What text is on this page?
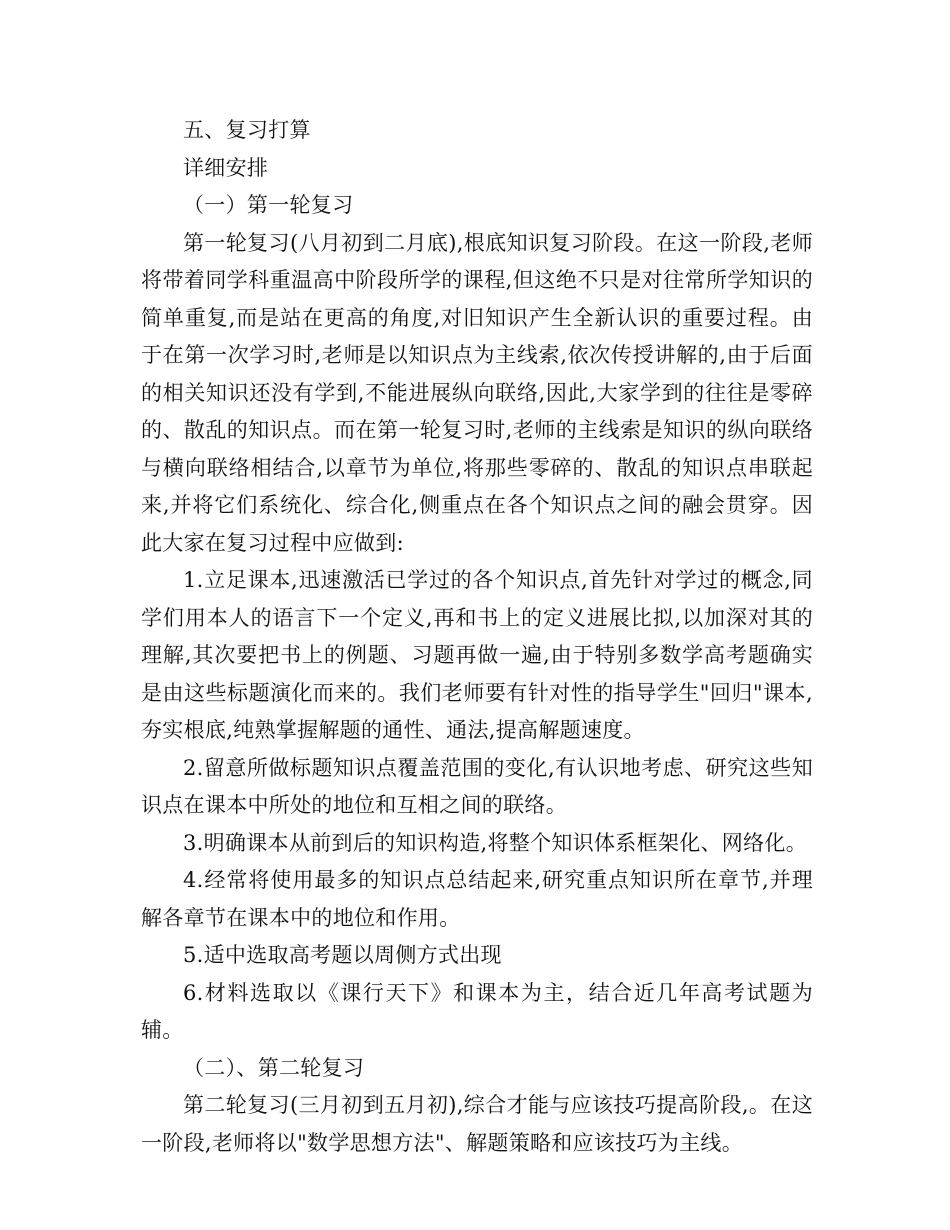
五、复习打算

详细安排

（一）第一轮复习

第一轮复习(八月初到二月底),根底知识复习阶段。在这一阶段,老师将带着同学科重温高中阶段所学的课程,但这绝不只是对往常所学知识的简单重复,而是站在更高的角度,对旧知识产生全新认识的重要过程。由于在第一次学习时,老师是以知识点为主线索,依次传授讲解的,由于后面的相关知识还没有学到,不能进展纵向联络,因此,大家学到的往往是零碎的、散乱的知识点。而在第一轮复习时,老师的主线索是知识的纵向联络与横向联络相结合,以章节为单位,将那些零碎的、散乱的知识点串联起来,并将它们系统化、综合化,侧重点在各个知识点之间的融会贯穿。因此大家在复习过程中应做到:

1.立足课本,迅速激活已学过的各个知识点,首先针对学过的概念,同学们用本人的语言下一个定义,再和书上的定义进展比拟,以加深对其的理解,其次要把书上的例题、习题再做一遍,由于特别多数学高考题确实是由这些标题演化而来的。我们老师要有针对性的指导学生"回归"课本,夯实根底,纯熟掌握解题的通性、通法,提高解题速度。

2.留意所做标题知识点覆盖范围的变化,有认识地考虑、研究这些知识点在课本中所处的地位和互相之间的联络。

3.明确课本从前到后的知识构造,将整个知识体系框架化、网络化。

4.经常将使用最多的知识点总结起来,研究重点知识所在章节,并理解各章节在课本中的地位和作用。

5.适中选取高考题以周侧方式出现

6.材料选取以《课行天下》和课本为主，结合近几年高考试题为辅。

（二）、第二轮复习

第二轮复习(三月初到五月初),综合才能与应该技巧提高阶段,。在这一阶段,老师将以"数学思想方法"、解题策略和应该技巧为主线。
